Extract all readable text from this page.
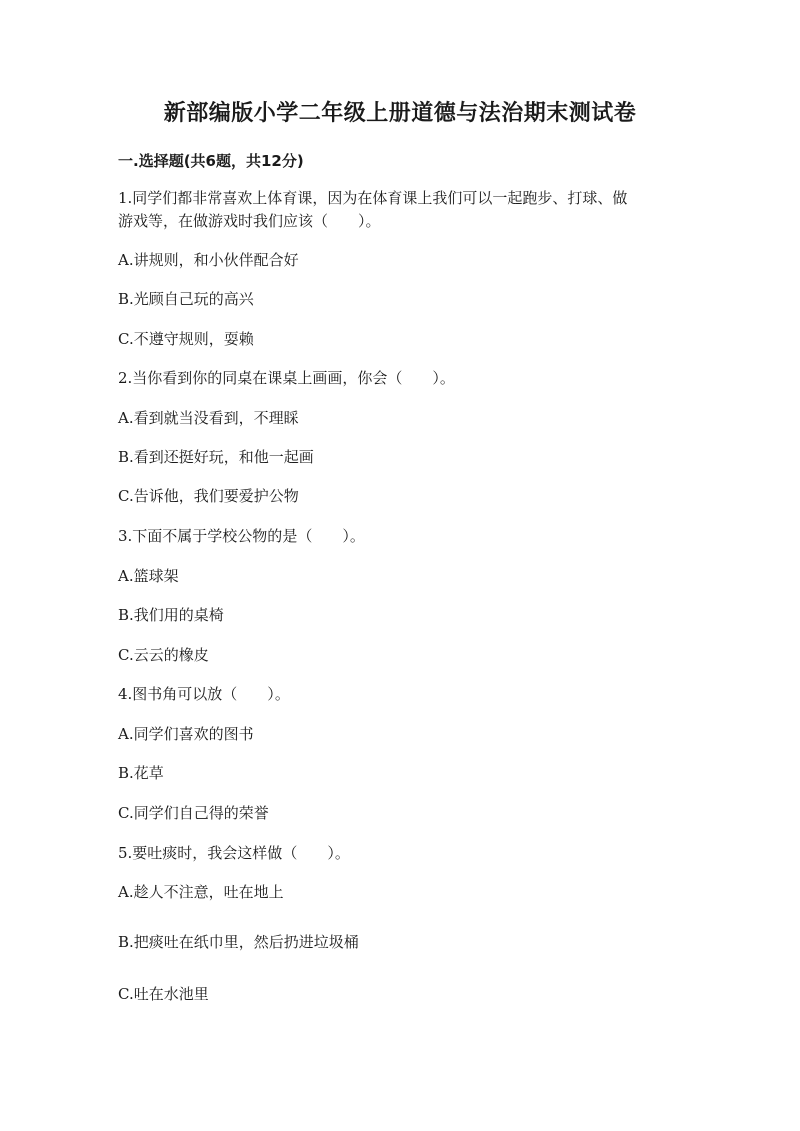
新部编版小学二年级上册道德与法治期末测试卷
一.选择题(共6题，共12分)
1.同学们都非常喜欢上体育课，因为在体育课上我们可以一起跑步、打球、做
游戏等，在做游戏时我们应该（　　）。
A.讲规则，和小伙伴配合好
B.光顾自己玩的高兴
C.不遵守规则，耍赖
2.当你看到你的同桌在课桌上画画，你会（　　）。
A.看到就当没看到，不理睬
B.看到还挺好玩，和他一起画
C.告诉他，我们要爱护公物
3.下面不属于学校公物的是（　　）。
A.篮球架
B.我们用的桌椅
C.云云的橡皮
4.图书角可以放（　　）。
A.同学们喜欢的图书
B.花草
C.同学们自己得的荣誉
5.要吐痰时，我会这样做（　　）。
A.趁人不注意，吐在地上
B.把痰吐在纸巾里，然后扔进垃圾桶
C.吐在水池里
